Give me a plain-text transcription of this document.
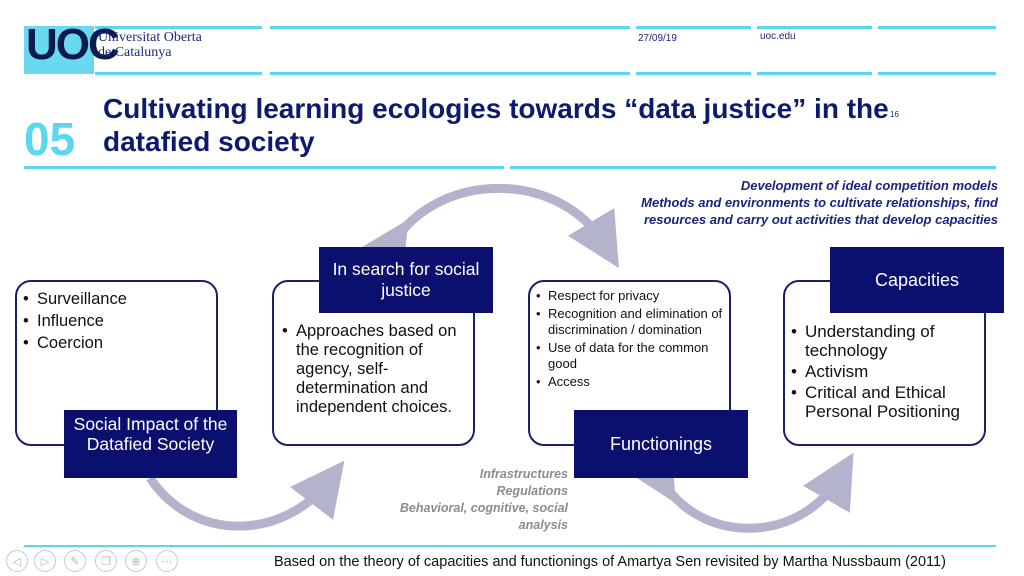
UOC
Universitat Oberta
de Catalunya
27/09/19	uoc.edu
05
Cultivating learning ecologies towards “data justice” in the datafied society
16
Development of ideal competition models
Methods and environments to cultivate relationships, find
resources and carry out activities that develop capacities
Infrastructures
Regulations
Behavioral, cognitive, social
analysis
• Surveillance
• Influence
• Coercion
Social Impact of the Datafied Society
• Approaches based on the recognition of agency, self-determination and independent choices.
In search for social justice
•	Respect for privacy
• Recognition and elimination of discrimination / domination
• Use of data for the common good
• Access
Functionings
• Understanding of technology
• Activism
• Critical and Ethical Personal Positioning
Capacities
Based on the theory of capacities and functionings of Amartya Sen revisited by Martha Nussbaum (2011)
◁	▷	✎	❐	⊕	⋯
